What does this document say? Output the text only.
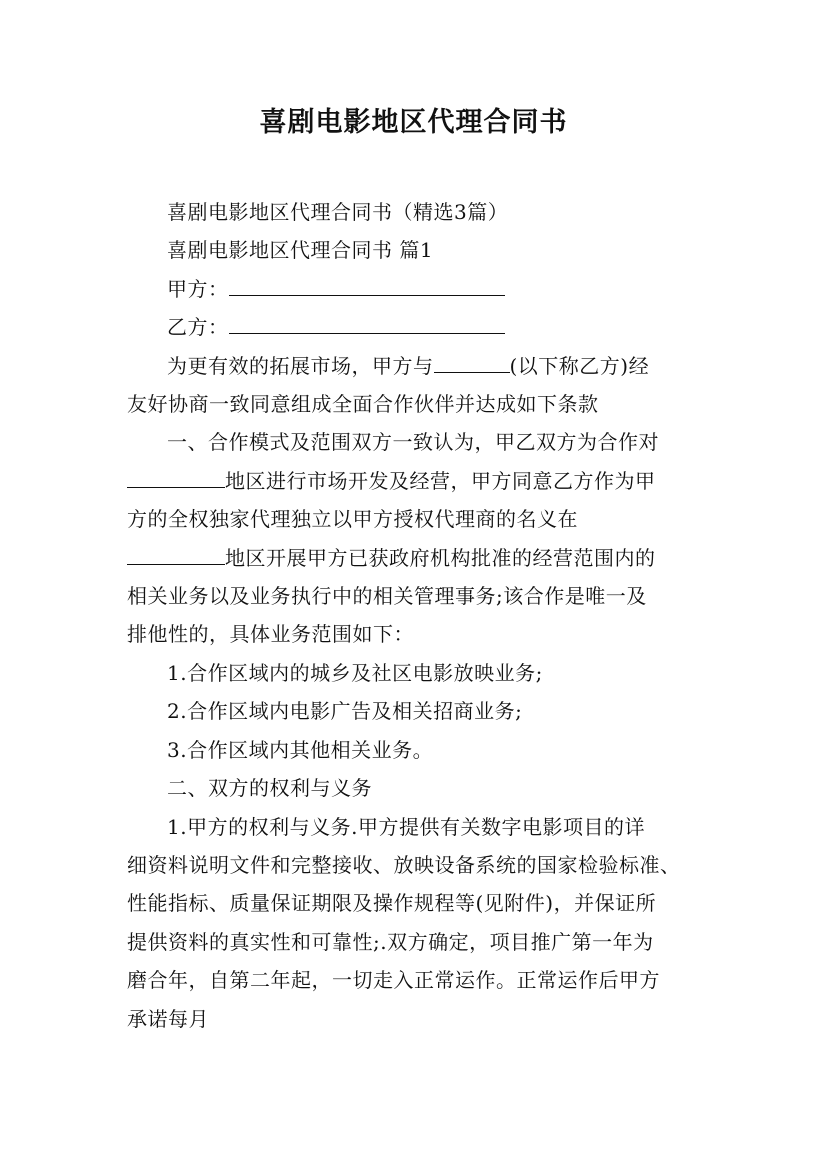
喜剧电影地区代理合同书
喜剧电影地区代理合同书（精选3篇）
喜剧电影地区代理合同书 篇1
甲方：
乙方：
为更有效的拓展市场，甲方与	(以下称乙方)经
友好协商一致同意组成全面合作伙伴并达成如下条款
一、合作模式及范围双方一致认为，甲乙双方为合作对
地区进行市场开发及经营，甲方同意乙方作为甲
方的全权独家代理独立以甲方授权代理商的名义在
地区开展甲方已获政府机构批准的经营范围内的
相关业务以及业务执行中的相关管理事务;该合作是唯一及
排他性的，具体业务范围如下：
1.合作区域内的城乡及社区电影放映业务;
2.合作区域内电影广告及相关招商业务;
3.合作区域内其他相关业务。
二、双方的权利与义务
1.甲方的权利与义务.甲方提供有关数字电影项目的详
细资料说明文件和完整接收、放映设备系统的国家检验标准、
性能指标、质量保证期限及操作规程等(见附件)，并保证所
提供资料的真实性和可靠性;.双方确定，项目推广第一年为
磨合年，自第二年起，一切走入正常运作。正常运作后甲方
承诺每月
